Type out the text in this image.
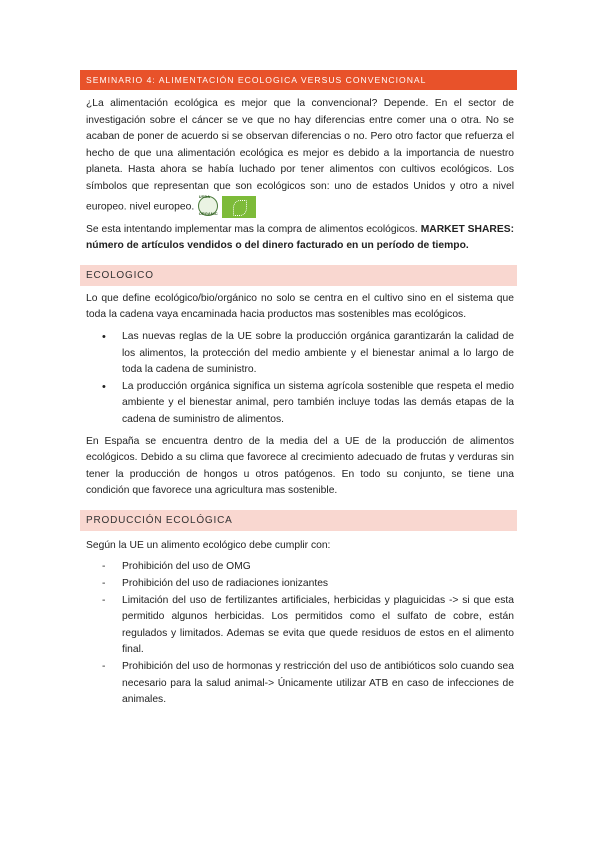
SEMINARIO 4: ALIMENTACIÓN ECOLOGICA VERSUS CONVENCIONAL

¿La alimentación ecológica es mejor que la convencional? Depende. En el sector de investigación sobre el cáncer se ve que no hay diferencias entre comer una o otra. No se acaban de poner de acuerdo si se observan diferencias o no. Pero otro factor que refuerza el hecho de que una alimentación ecológica es mejor es debido a la importancia de nuestro planeta. Hasta ahora se había luchado por tener alimentos con cultivos ecológicos. Los símbolos que representan que son ecológicos son: uno de estados Unidos y otro a nivel europeo. nivel europeo.
USDA ORGANIC

Se esta intentando implementar mas la compra de alimentos ecológicos. MARKET SHARES: número de artículos vendidos o del dinero facturado en un período de tiempo.

ECOLOGICO

Lo que define ecológico/bio/orgánico no solo se centra en el cultivo sino en el sistema que toda la cadena vaya encaminada hacia productos mas sostenibles mas ecológicos.

• Las nuevas reglas de la UE sobre la producción orgánica garantizarán la calidad de los alimentos, la protección del medio ambiente y el bienestar animal a lo largo de toda la cadena de suministro.
• La producción orgánica significa un sistema agrícola sostenible que respeta el medio ambiente y el bienestar animal, pero también incluye todas las demás etapas de la cadena de suministro de alimentos.

En España se encuentra dentro de la media del a UE de la producción de alimentos ecológicos. Debido a su clima que favorece al crecimiento adecuado de frutas y verduras sin tener la producción de hongos u otros patógenos. En todo su conjunto, se tiene una condición que favorece una agricultura mas sostenible.

PRODUCCIÓN ECOLÓGICA

Según la UE un alimento ecológico debe cumplir con:

- Prohibición del uso de OMG
- Prohibición del uso de radiaciones ionizantes
- Limitación del uso de fertilizantes artificiales, herbicidas y plaguicidas -> si que esta permitido algunos herbicidas. Los permitidos como el sulfato de cobre, están regulados y limitados. Ademas se evita que quede residuos de estos en el alimento final.
- Prohibición del uso de hormonas y restricción del uso de antibióticos solo cuando sea necesario para la salud animal-> Únicamente utilizar ATB en caso de infecciones de animales.
